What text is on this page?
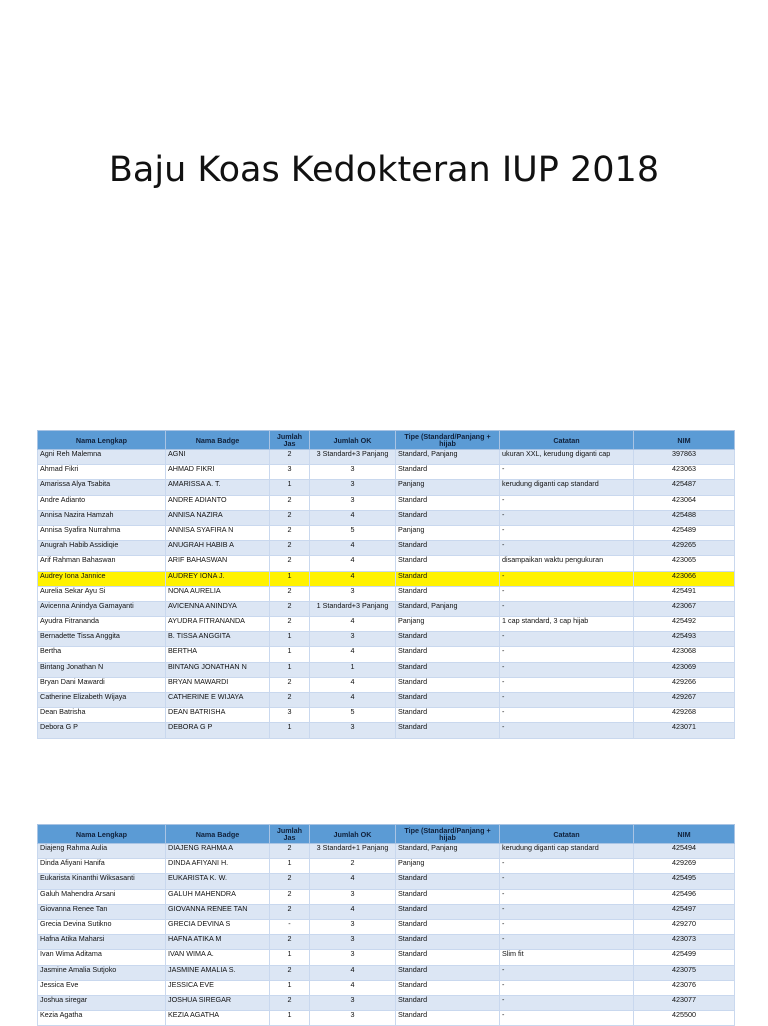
Baju Koas Kedokteran IUP 2018
Nama Lengkap	Nama Badge	Jumlah Jas	Jumlah OK	Tipe (Standard/Panjang + hijab	Catatan	NIM
Agni Reh Malemna	AGNI	2	3 Standard+3 Panjang	Standard, Panjang	ukuran XXL, kerudung diganti cap	397863
Ahmad Fikri	AHMAD FIKRI	3	3	Standard	-	423063
Amarissa Alya Tsabita	AMARISSA A. T.	1	3	Panjang	kerudung diganti cap standard	425487
Andre Adianto	ANDRE ADIANTO	2	3	Standard	-	423064
Annisa Nazira Hamzah	ANNISA NAZIRA	2	4	Standard	-	425488
Annisa Syafira Nurrahma	ANNISA SYAFIRA N	2	5	Panjang	-	425489
Anugrah Habib Assidiqie	ANUGRAH HABIB A	2	4	Standard	-	429265
Arif Rahman Bahaswan	ARIF BAHASWAN	2	4	Standard	disampaikan waktu pengukuran	423065
Audrey Iona Jannice	AUDREY IONA J.	1	4	Standard	-	423066
Aurelia Sekar Ayu Si	NONA AURELIA	2	3	Standard	-	425491
Avicenna Anindya Gamayanti	AVICENNA ANINDYA	2	1 Standard+3 Panjang	Standard, Panjang	-	423067
Ayudra Fitrananda	AYUDRA FITRANANDA	2	4	Panjang	1 cap standard, 3 cap hijab	425492
Bernadette Tissa Anggita	B. TISSA ANGGITA	1	3	Standard	-	425493
Bertha	BERTHA	1	4	Standard	-	423068
Bintang Jonathan N	BINTANG JONATHAN N	1	1	Standard	-	423069
Bryan Dani Mawardi	BRYAN MAWARDI	2	4	Standard	-	429266
Catherine Elizabeth Wijaya	CATHERINE E WIJAYA	2	4	Standard	-	429267
Dean Batrisha	DEAN BATRISHA	3	5	Standard	-	429268
Debora G P	DEBORA G P	1	3	Standard	-	423071
Nama Lengkap	Nama Badge	Jumlah Jas	Jumlah OK	Tipe (Standard/Panjang + hijab	Catatan	NIM
Diajeng Rahma Aulia	DIAJENG RAHMA A	2	3 Standard+1 Panjang	Standard, Panjang	kerudung diganti cap standard	425494
Dinda Afiyani Hanifa	DINDA AFIYANI H.	1	2	Panjang	-	429269
Eukarista Kinanthi Wiksasanti	EUKARISTA K. W.	2	4	Standard	-	425495
Galuh Mahendra Arsani	GALUH MAHENDRA	2	3	Standard	-	425496
Giovanna Renee Tan	GIOVANNA RENEE TAN	2	4	Standard	-	425497
Grecia Devina Sutikno	GRECIA DEVINA S	-	3	Standard	-	429270
Hafna Atika Maharsi	HAFNA ATIKA M	2	3	Standard	-	423073
Ivan Wima Aditama	IVAN WIMA A.	1	3	Standard	Slim fit	425499
Jasmine Amalia Sutjoko	JASMINE AMALIA S.	2	4	Standard	-	423075
Jessica Eve	JESSICA EVE	1	4	Standard	-	423076
Joshua siregar	JOSHUA SIREGAR	2	3	Standard	-	423077
Kezia Agatha	KEZIA AGATHA	1	3	Standard	-	425500
